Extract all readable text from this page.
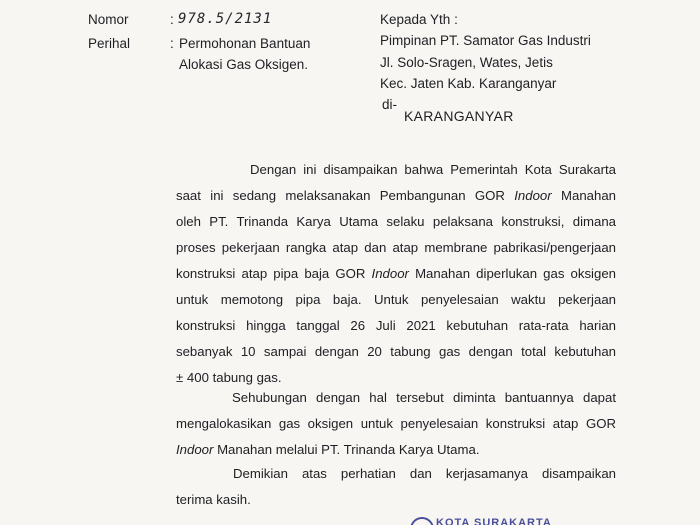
Nomor	: 978.5/2131
Perihal	: Permohonan Bantuan
Alokasi Gas Oksigen.
Kepada Yth :
Pimpinan PT. Samator Gas Industri
Jl. Solo-Sragen, Wates, Jetis
Kec. Jaten Kab. Karanganyar
di-
KARANGANYAR
Dengan ini disampaikan bahwa Pemerintah Kota Surakarta
saat ini sedang melaksanakan Pembangunan GOR Indoor Manahan
oleh PT. Trinanda Karya Utama selaku pelaksana konstruksi, dimana
proses pekerjaan rangka atap dan atap membrane pabrikasi/pengerjaan
konstruksi atap pipa baja GOR Indoor Manahan diperlukan gas oksigen
untuk memotong pipa baja. Untuk penyelesaian waktu pekerjaan
konstruksi hingga tanggal 26 Juli 2021 kebutuhan rata-rata harian
sebanyak 10 sampai dengan 20 tabung gas dengan total kebutuhan
± 400 tabung gas.
Sehubungan dengan hal tersebut diminta bantuannya dapat
mengalokasikan gas oksigen untuk penyelesaian konstruksi atap GOR
Indoor Manahan melalui PT. Trinanda Karya Utama.
Demikian atas perhatian dan kerjasamanya disampaikan
terima kasih.
KOTA SURAKARTA
